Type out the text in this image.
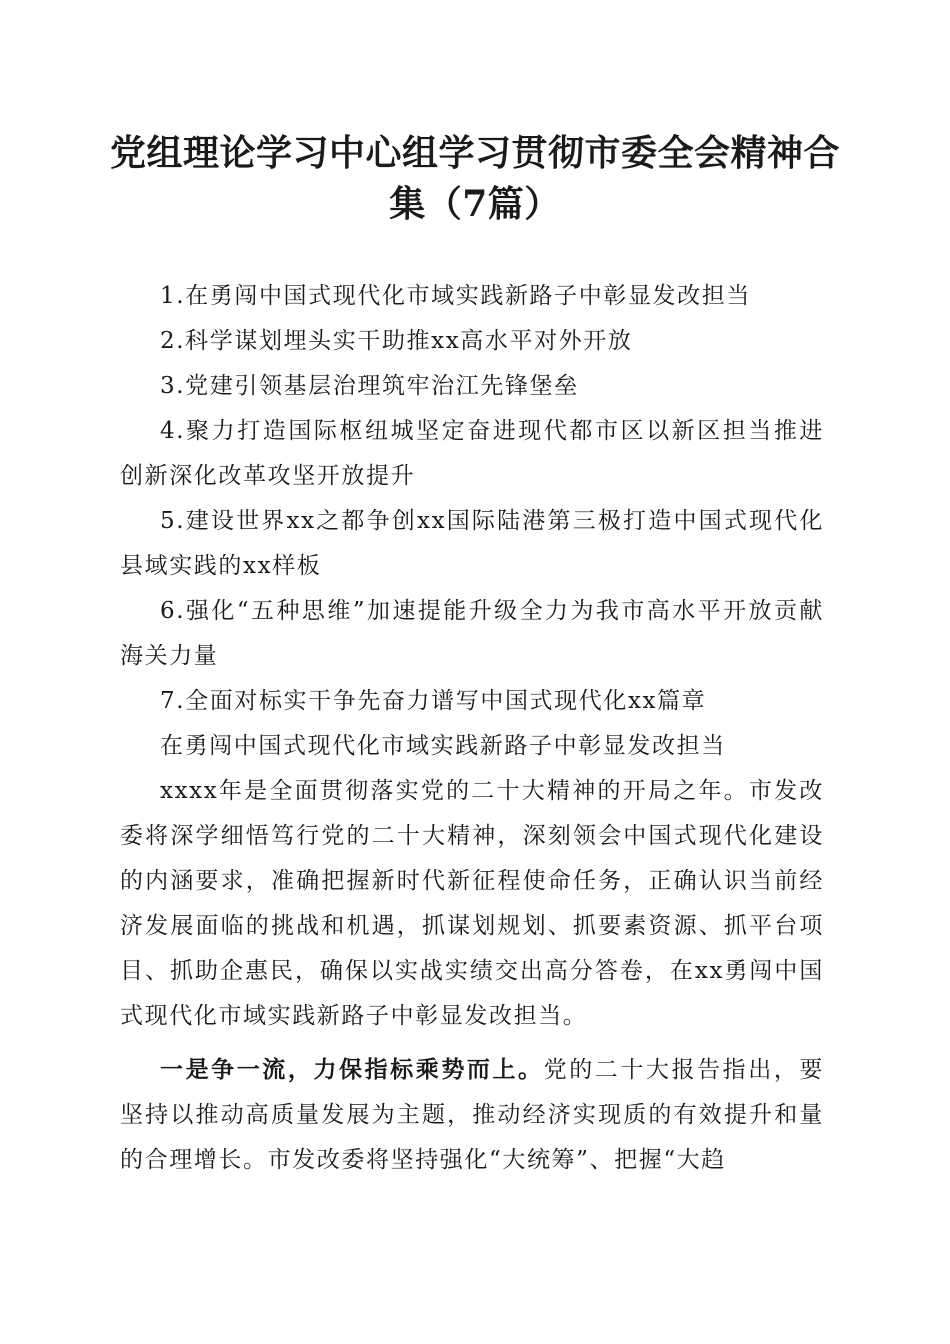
党组理论学习中心组学习贯彻市委全会精神合
集（7篇）

1.在勇闯中国式现代化市域实践新路子中彰显发改担当

2.科学谋划埋头实干助推xx高水平对外开放

3.党建引领基层治理筑牢治江先锋堡垒

4.聚力打造国际枢纽城坚定奋进现代都市区以新区担当推进创新深化改革攻坚开放提升

5.建设世界xx之都争创xx国际陆港第三极打造中国式现代化县域实践的xx样板

6.强化“五种思维”加速提能升级全力为我市高水平开放贡献海关力量

7.全面对标实干争先奋力谱写中国式现代化xx篇章

在勇闯中国式现代化市域实践新路子中彰显发改担当

xxxx年是全面贯彻落实党的二十大精神的开局之年。市发改委将深学细悟笃行党的二十大精神，深刻领会中国式现代化建设的内涵要求，准确把握新时代新征程使命任务，正确认识当前经济发展面临的挑战和机遇，抓谋划规划、抓要素资源、抓平台项目、抓助企惠民，确保以实战实绩交出高分答卷，在xx勇闯中国式现代化市域实践新路子中彰显发改担当。

一是争一流，力保指标乘势而上。党的二十大报告指出，要坚持以推动高质量发展为主题，推动经济实现质的有效提升和量的合理增长。市发改委将坚持强化“大统筹”、把握“大趋
